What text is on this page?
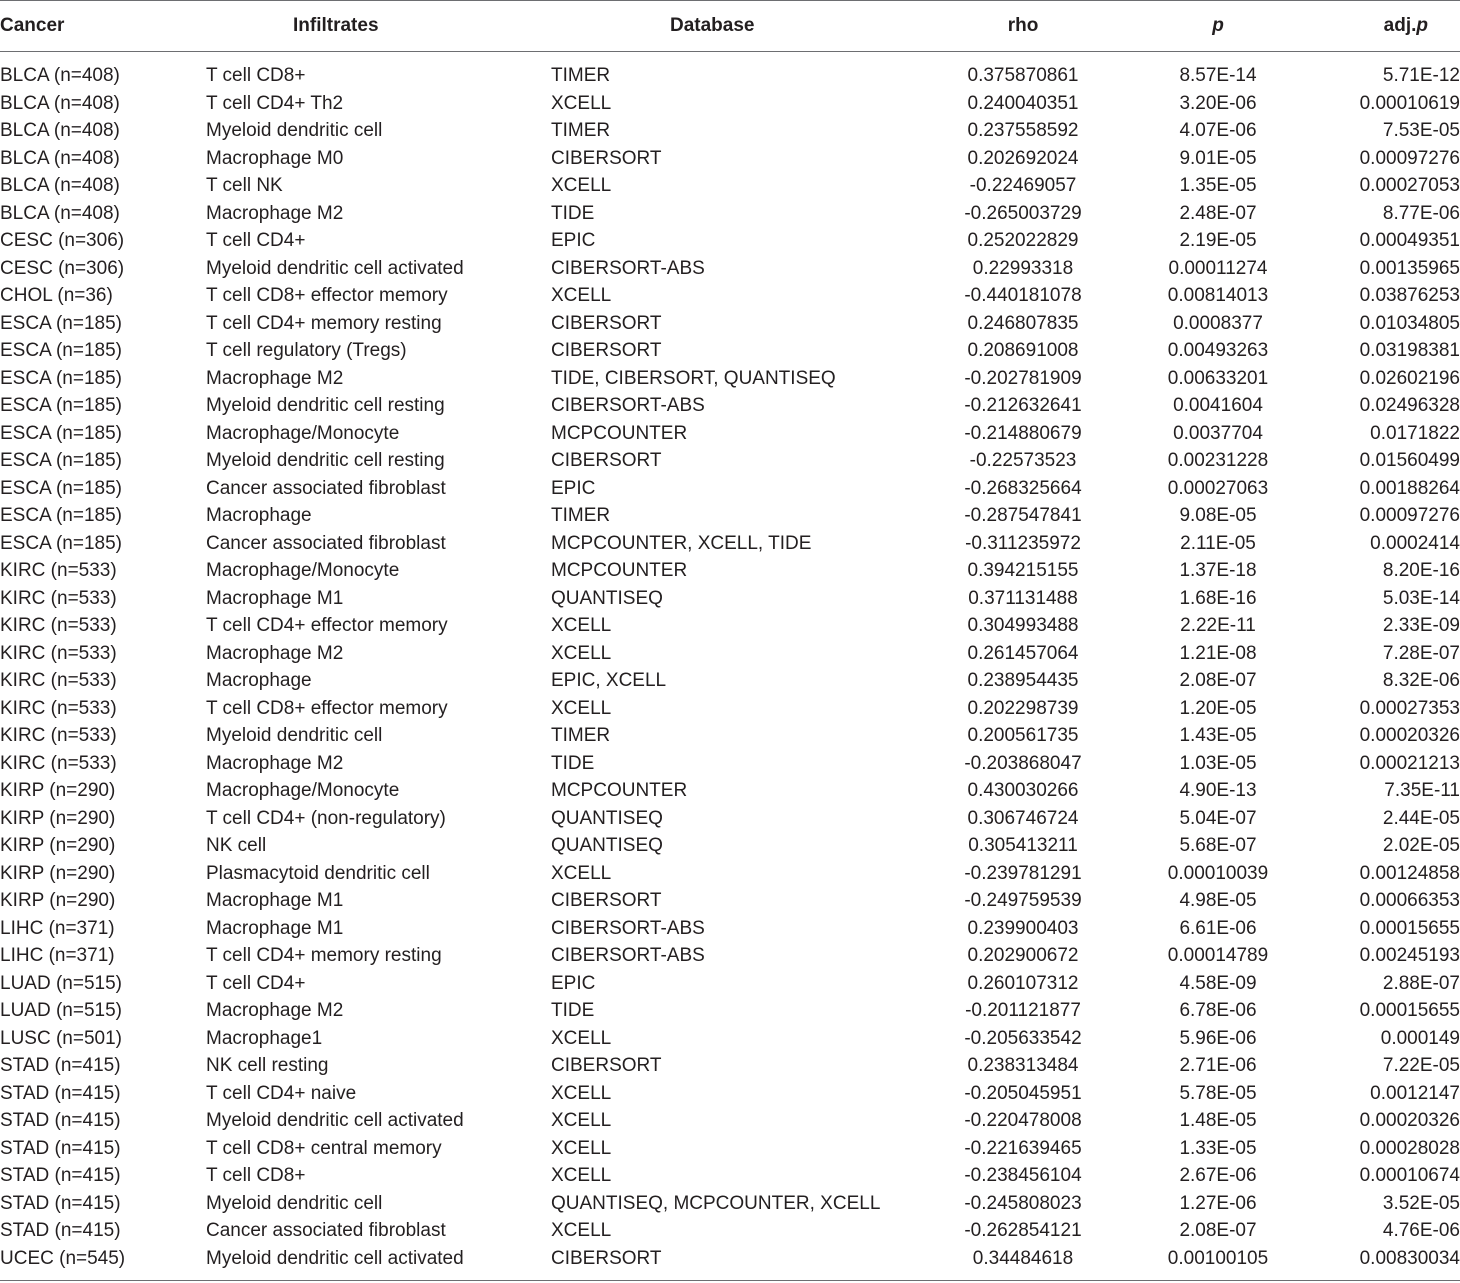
Cancer	Infiltrates	Database	rho	p	adj.p
BLCA (n=408)	T cell CD8+	TIMER	0.375870861	8.57E-14	5.71E-12
BLCA (n=408)	T cell CD4+ Th2	XCELL	0.240040351	3.20E-06	0.00010619
BLCA (n=408)	Myeloid dendritic cell	TIMER	0.237558592	4.07E-06	7.53E-05
BLCA (n=408)	Macrophage M0	CIBERSORT	0.202692024	9.01E-05	0.00097276
BLCA (n=408)	T cell NK	XCELL	-0.22469057	1.35E-05	0.00027053
BLCA (n=408)	Macrophage M2	TIDE	-0.265003729	2.48E-07	8.77E-06
CESC (n=306)	T cell CD4+	EPIC	0.252022829	2.19E-05	0.00049351
CESC (n=306)	Myeloid dendritic cell activated	CIBERSORT-ABS	0.22993318	0.00011274	0.00135965
CHOL (n=36)	T cell CD8+ effector memory	XCELL	-0.440181078	0.00814013	0.03876253
ESCA (n=185)	T cell CD4+ memory resting	CIBERSORT	0.246807835	0.0008377	0.01034805
ESCA (n=185)	T cell regulatory (Tregs)	CIBERSORT	0.208691008	0.00493263	0.03198381
ESCA (n=185)	Macrophage M2	TIDE, CIBERSORT, QUANTISEQ	-0.202781909	0.00633201	0.02602196
ESCA (n=185)	Myeloid dendritic cell resting	CIBERSORT-ABS	-0.212632641	0.0041604	0.02496328
ESCA (n=185)	Macrophage/Monocyte	MCPCOUNTER	-0.214880679	0.0037704	0.0171822
ESCA (n=185)	Myeloid dendritic cell resting	CIBERSORT	-0.22573523	0.00231228	0.01560499
ESCA (n=185)	Cancer associated fibroblast	EPIC	-0.268325664	0.00027063	0.00188264
ESCA (n=185)	Macrophage	TIMER	-0.287547841	9.08E-05	0.00097276
ESCA (n=185)	Cancer associated fibroblast	MCPCOUNTER, XCELL, TIDE	-0.311235972	2.11E-05	0.0002414
KIRC (n=533)	Macrophage/Monocyte	MCPCOUNTER	0.394215155	1.37E-18	8.20E-16
KIRC (n=533)	Macrophage M1	QUANTISEQ	0.371131488	1.68E-16	5.03E-14
KIRC (n=533)	T cell CD4+ effector memory	XCELL	0.304993488	2.22E-11	2.33E-09
KIRC (n=533)	Macrophage M2	XCELL	0.261457064	1.21E-08	7.28E-07
KIRC (n=533)	Macrophage	EPIC, XCELL	0.238954435	2.08E-07	8.32E-06
KIRC (n=533)	T cell CD8+ effector memory	XCELL	0.202298739	1.20E-05	0.00027353
KIRC (n=533)	Myeloid dendritic cell	TIMER	0.200561735	1.43E-05	0.00020326
KIRC (n=533)	Macrophage M2	TIDE	-0.203868047	1.03E-05	0.00021213
KIRP (n=290)	Macrophage/Monocyte	MCPCOUNTER	0.430030266	4.90E-13	7.35E-11
KIRP (n=290)	T cell CD4+ (non-regulatory)	QUANTISEQ	0.306746724	5.04E-07	2.44E-05
KIRP (n=290)	NK cell	QUANTISEQ	0.305413211	5.68E-07	2.02E-05
KIRP (n=290)	Plasmacytoid dendritic cell	XCELL	-0.239781291	0.00010039	0.00124858
KIRP (n=290)	Macrophage M1	CIBERSORT	-0.249759539	4.98E-05	0.00066353
LIHC (n=371)	Macrophage M1	CIBERSORT-ABS	0.239900403	6.61E-06	0.00015655
LIHC (n=371)	T cell CD4+ memory resting	CIBERSORT-ABS	0.202900672	0.00014789	0.00245193
LUAD (n=515)	T cell CD4+	EPIC	0.260107312	4.58E-09	2.88E-07
LUAD (n=515)	Macrophage M2	TIDE	-0.201121877	6.78E-06	0.00015655
LUSC (n=501)	Macrophage1	XCELL	-0.205633542	5.96E-06	0.000149
STAD (n=415)	NK cell resting	CIBERSORT	0.238313484	2.71E-06	7.22E-05
STAD (n=415)	T cell CD4+ naive	XCELL	-0.205045951	5.78E-05	0.0012147
STAD (n=415)	Myeloid dendritic cell activated	XCELL	-0.220478008	1.48E-05	0.00020326
STAD (n=415)	T cell CD8+ central memory	XCELL	-0.221639465	1.33E-05	0.00028028
STAD (n=415)	T cell CD8+	XCELL	-0.238456104	2.67E-06	0.00010674
STAD (n=415)	Myeloid dendritic cell	QUANTISEQ, MCPCOUNTER, XCELL	-0.245808023	1.27E-06	3.52E-05
STAD (n=415)	Cancer associated fibroblast	XCELL	-0.262854121	2.08E-07	4.76E-06
UCEC (n=545)	Myeloid dendritic cell activated	CIBERSORT	0.34484618	0.00100105	0.00830034
